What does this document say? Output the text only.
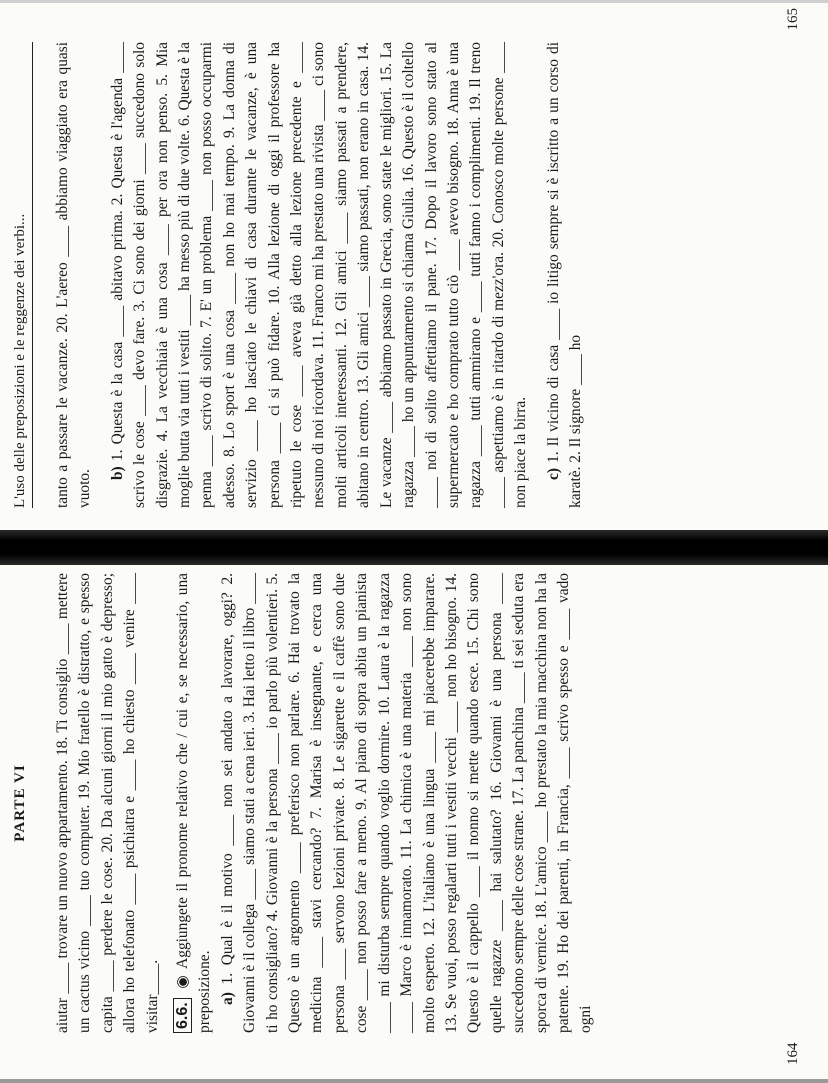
PARTE VI aiutar ____ trovare un nuovo appartamento. 18. Ti consiglio ____ mettere un cactus vicino ____ tuo computer. 19. Mio fratello è distratto, e spesso capita ____ perdere le cose. 20. Da alcuni giorni il mio gatto è depresso; allora ho telefonato ____ psichiatra e ____ ho chiesto ____ venire ____ visitar____. 6.6. ◉ Aggiungete il pronome relativo che / cui e, se necessario, una preposizione. a) 1. Qual è il motivo ____ non sei andato a lavorare, oggi? 2. Giovanni è il collega ____ siamo stati a cena ieri. 3. Hai letto il libro ____ ti ho consigliato? 4. Giovanni è la persona ____ io parlo più volentieri. 5. Questo è un argomento ____ preferisco non parlare. 6. Hai trovato la medicina ____ stavi cercando? 7. Marisa è insegnante, e cerca una persona ____ servono lezioni private. 8. Le sigarette e il caffè sono due cose ____ non posso fare a meno. 9. Al piano di sopra abita un pianista ____ mi disturba sempre quando voglio dormire. 10. Laura è la ragazza ____ Marco è innamorato. 11. La chimica è una materia ____ non sono molto esperto. 12. L'italiano è una lingua ____ mi piacerebbe imparare. 13. Se vuoi, posso regalarti tutti i vestiti vecchi ____ non ho bisogno. 14. Questo è il cappello ____ il nonno si mette quando esce. 15. Chi sono quelle ragazze ____ hai salutato? 16. Giovanni è una persona ____ succedono sempre delle cose strane. 17. La panchina ____ ti sei seduta era sporca di vernice. 18. L'amico ____ ho prestato la mia macchina non ha la patente. 19. Ho dei parenti, in Francia, ____ scrivo spesso e ____ vado ogni

164
L'uso delle preposizioni e le reggenze dei verbi...	tanto a passare le vacanze. 20. L'aereo ____ abbiamo viaggiato era quasi vuoto. b) 1. Questa è la casa ____ abitavo prima. 2. Questa è l'agenda ____ scrivo le cose ____ devo fare. 3. Ci sono dei giorni ____ succedono solo disgrazie. 4. La vecchiaia è una cosa ____ per ora non penso. 5. Mia moglie butta via tutti i vestiti ____ ha messo più di due volte. 6. Questa è la penna ____ scrivo di solito. 7. E' un problema ____ non posso occuparmi adesso. 8. Lo sport è una cosa ____ non ho mai tempo. 9. La donna di servizio ____ ho lasciato le chiavi di casa durante le vacanze, è una persona ____ ci si può fidare. 10. Alla lezione di oggi il professore ha ripetuto le cose ____ aveva già detto alla lezione precedente e ____ nessuno di noi ricordava. 11. Franco mi ha prestato una rivista ____ ci sono molti articoli interessanti. 12. Gli amici ____ siamo passati a prendere, abitano in centro. 13. Gli amici ____ siamo passati, non erano in casa. 14. Le vacanze ____ abbiamo passato in Grecia, sono state le migliori. 15. La ragazza ____ ho un appuntamento si chiama Giulia. 16. Questo è il coltello ____ noi di solito affettiamo il pane. 17. Dopo il lavoro sono stato al supermercato e ho comprato tutto ciò ____ avevo bisogno. 18. Anna è una ragazza ____ tutti ammirano e ____ tutti fanno i complimenti. 19. Il treno ____ aspettiamo è in ritardo di mezz'ora. 20. Conosco molte persone ____ non piace la birra. c) 1. Il vicino di casa ____ io litigo sempre si è iscritto a un corso di karatè. 2. Il signore ____ ho

165
